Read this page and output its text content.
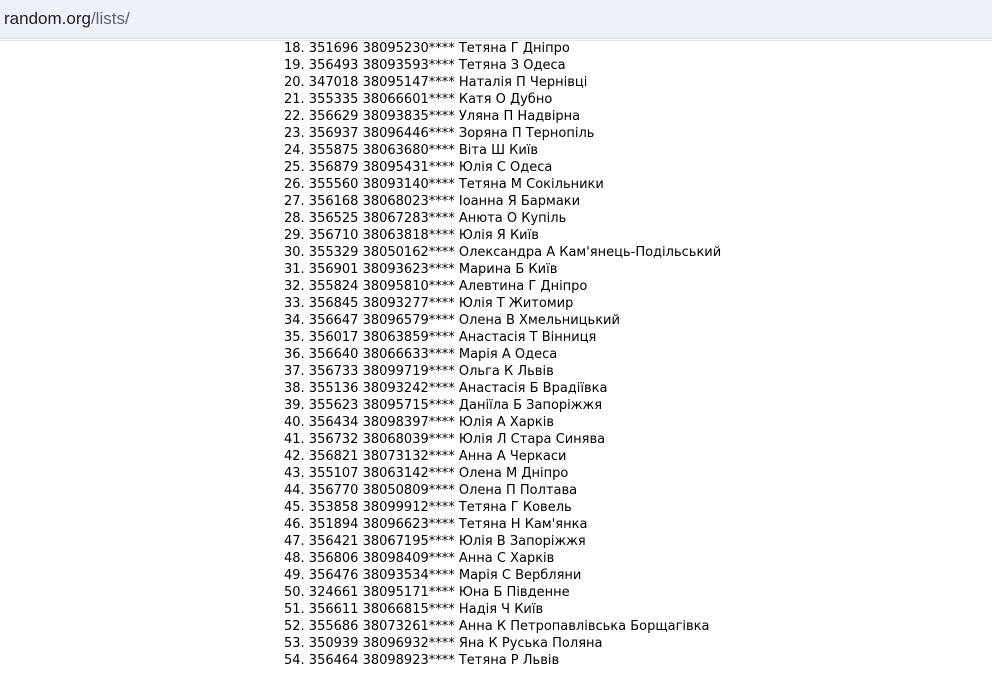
random.org/lists/
18. 351696 38095230**** Тетяна Г Дніпро
19. 356493 38093593**** Тетяна З Одеса
20. 347018 38095147**** Наталія П Чернівці
21. 355335 38066601**** Катя О Дубно
22. 356629 38093835**** Уляна П Надвірна
23. 356937 38096446**** Зоряна П Тернопіль
24. 355875 38063680**** Віта Ш Київ
25. 356879 38095431**** Юлія С Одеса
26. 355560 38093140**** Тетяна М Сокільники
27. 356168 38068023**** Іоанна Я Бармаки
28. 356525 38067283**** Анюта О Купіль
29. 356710 38063818**** Юлія Я Київ
30. 355329 38050162**** Олександра А Кам'янець-Подільський
31. 356901 38093623**** Марина Б Київ
32. 355824 38095810**** Алевтина Г Дніпро
33. 356845 38093277**** Юлія Т Житомир
34. 356647 38096579**** Олена В Хмельницький
35. 356017 38063859**** Анастасія Т Вінниця
36. 356640 38066633**** Марія А Одеса
37. 356733 38099719**** Ольга К Львів
38. 355136 38093242**** Анастасія Б Врадіївка
39. 355623 38095715**** Даніїла Б Запоріжжя
40. 356434 38098397**** Юлія А Харків
41. 356732 38068039**** Юлія Л Стара Синява
42. 356821 38073132**** Анна А Черкаси
43. 355107 38063142**** Олена М Дніпро
44. 356770 38050809**** Олена П Полтава
45. 353858 38099912**** Тетяна Г Ковель
46. 351894 38096623**** Тетяна Н Кам'янка
47. 356421 38067195**** Юлія В Запоріжжя
48. 356806 38098409**** Анна С Харків
49. 356476 38093534**** Марія С Вербляни
50. 324661 38095171**** Юна Б Південне
51. 356611 38066815**** Надія Ч Київ
52. 355686 38073261**** Анна К Петропавлівська Борщагівка
53. 350939 38096932**** Яна К Руська Поляна
54. 356464 38098923**** Тетяна Р Львів
